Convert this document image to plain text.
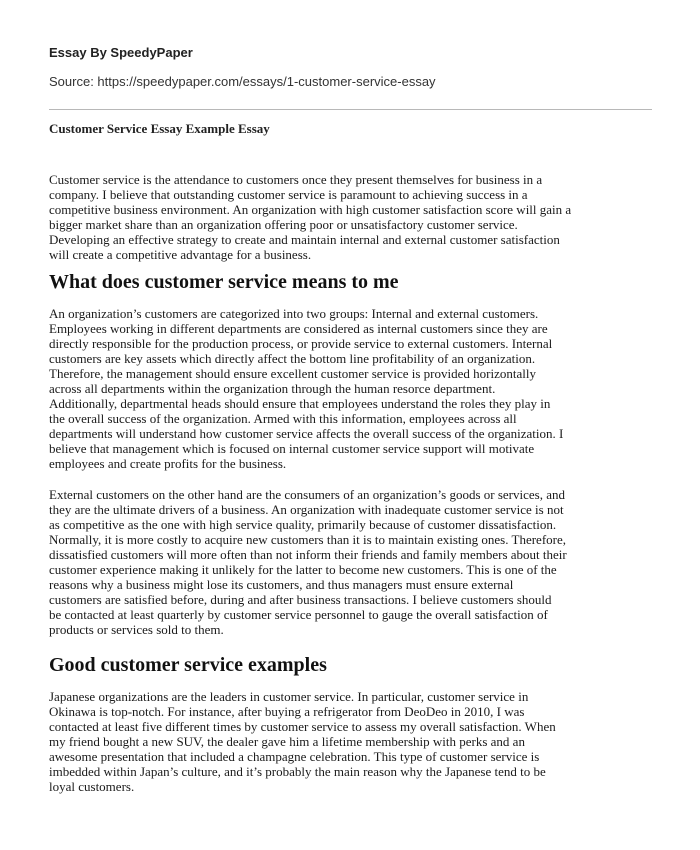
Essay By SpeedyPaper
Source: https://speedypaper.com/essays/1-customer-service-essay
Customer Service Essay Example Essay

Customer service is the attendance to customers once they present themselves for business in a
company. I believe that outstanding customer service is paramount to achieving success in a
competitive business environment. An organization with high customer satisfaction score will gain a
bigger market share than an organization offering poor or unsatisfactory customer service.
Developing an effective strategy to create and maintain internal and external customer satisfaction
will create a competitive advantage for a business.

What does customer service means to me

An organization’s customers are categorized into two groups: Internal and external customers.
Employees working in different departments are considered as internal customers since they are
directly responsible for the production process, or provide service to external customers. Internal
customers are key assets which directly affect the bottom line profitability of an organization.
Therefore, the management should ensure excellent customer service is provided horizontally
across all departments within the organization through the human resorce department.
Additionally, departmental heads should ensure that employees understand the roles they play in
the overall success of the organization. Armed with this information, employees across all
departments will understand how customer service affects the overall success of the organization. I
believe that management which is focused on internal customer service support will motivate
employees and create profits for the business.

External customers on the other hand are the consumers of an organization’s goods or services, and
they are the ultimate drivers of a business. An organization with inadequate customer service is not
as competitive as the one with high service quality, primarily because of customer dissatisfaction.
Normally, it is more costly to acquire new customers than it is to maintain existing ones. Therefore,
dissatisfied customers will more often than not inform their friends and family members about their
customer experience making it unlikely for the latter to become new customers. This is one of the
reasons why a business might lose its customers, and thus managers must ensure external
customers are satisfied before, during and after business transactions. I believe customers should
be contacted at least quarterly by customer service personnel to gauge the overall satisfaction of
products or services sold to them.

Good customer service examples

Japanese organizations are the leaders in customer service. In particular, customer service in
Okinawa is top-notch. For instance, after buying a refrigerator from DeoDeo in 2010, I was
contacted at least five different times by customer service to assess my overall satisfaction. When
my friend bought a new SUV, the dealer gave him a lifetime membership with perks and an
awesome presentation that included a champagne celebration. This type of customer service is
imbedded within Japan’s culture, and it’s probably the main reason why the Japanese tend to be
loyal customers.
